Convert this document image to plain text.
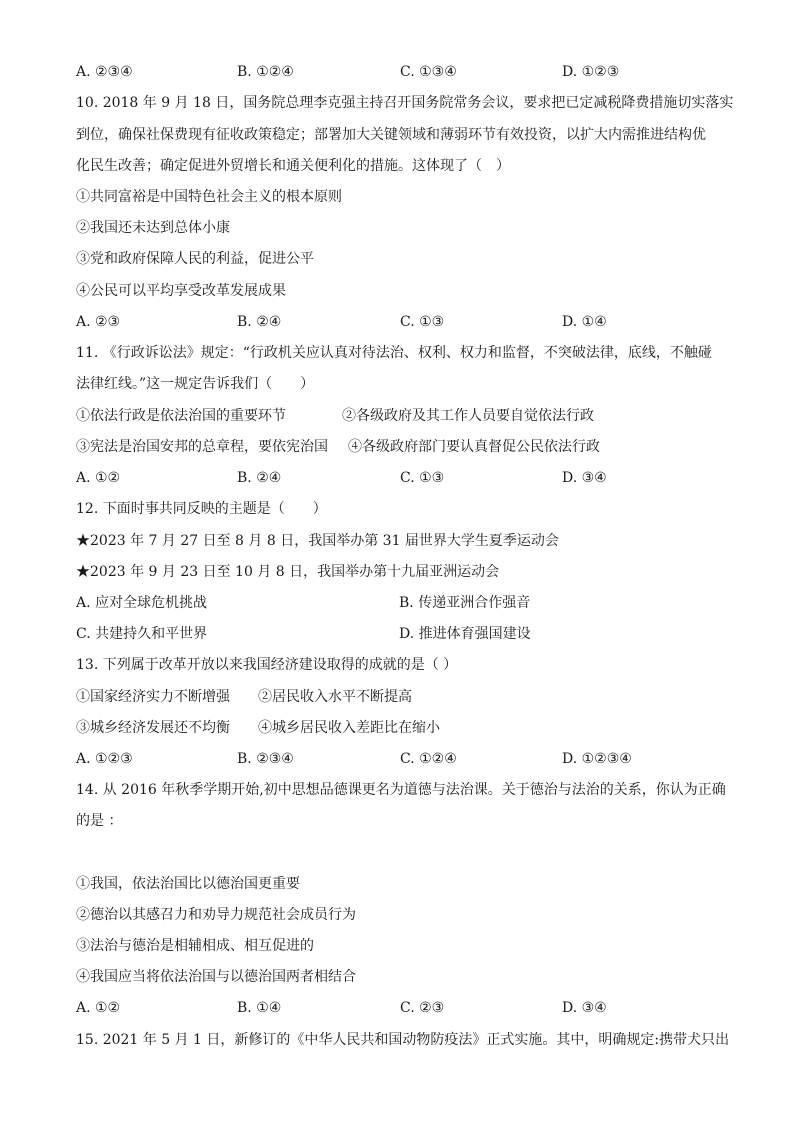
A. ②③④	B. ①②④	C. ①③④	D. ①②③
10. 2018 年 9 月 18 日，国务院总理李克强主持召开国务院常务会议，要求把已定减税降费措施切实落实
到位，确保社保费现有征收政策稳定；部署加大关键领域和薄弱环节有效投资，以扩大内需推进结构优
化民生改善；确定促进外贸增长和通关便利化的措施。这体现了（　）
①共同富裕是中国特色社会主义的根本原则
②我国还未达到总体小康
③党和政府保障人民的利益，促进公平
④公民可以平均享受改革发展成果
A. ②③	B. ②④	C. ①③	D. ①④
11. 《行政诉讼法》规定：“行政机关应认真对待法治、权利、权力和监督，不突破法律，底线，不触碰
法律红线。”这一规定告诉我们（　　）
①依法行政是依法治国的重要环节	②各级政府及其工作人员要自觉依法行政
③宪法是治国安邦的总章程，要依宪治国 ④各级政府部门要认真督促公民依法行政
A. ①②	B. ②④	C. ①③	D. ③④
12. 下面时事共同反映的主题是（　　）
★2023 年 7 月 27 日至 8 月 8 日，我国举办第 31 届世界大学生夏季运动会
★2023 年 9 月 23 日至 10 月 8 日，我国举办第十九届亚洲运动会
A. 应对全球危机挑战	B. 传递亚洲合作强音
C. 共建持久和平世界	D. 推进体育强国建设
13. 下列属于改革开放以来我国经济建设取得的成就的是（ ）
①国家经济实力不断增强 ②居民收入水平不断提高
③城乡经济发展还不均衡 ④城乡居民收入差距比在缩小
A. ①②③	B. ②③④	C. ①②④	D. ①②③④
14. 从 2016 年秋季学期开始,初中思想品德课更名为道德与法治课。关于德治与法治的关系，你认为正确
的是 ：
①我国，依法治国比以德治国更重要
②德治以其感召力和劝导力规范社会成员行为
③法治与德治是相辅相成、相互促进的
④我国应当将依法治国与以德治国两者相结合
A. ①②	B. ①④	C. ②③	D. ③④
15. 2021 年 5 月 1 日，新修订的《中华人民共和国动物防疫法》正式实施。其中，明确规定:携带犬只出
